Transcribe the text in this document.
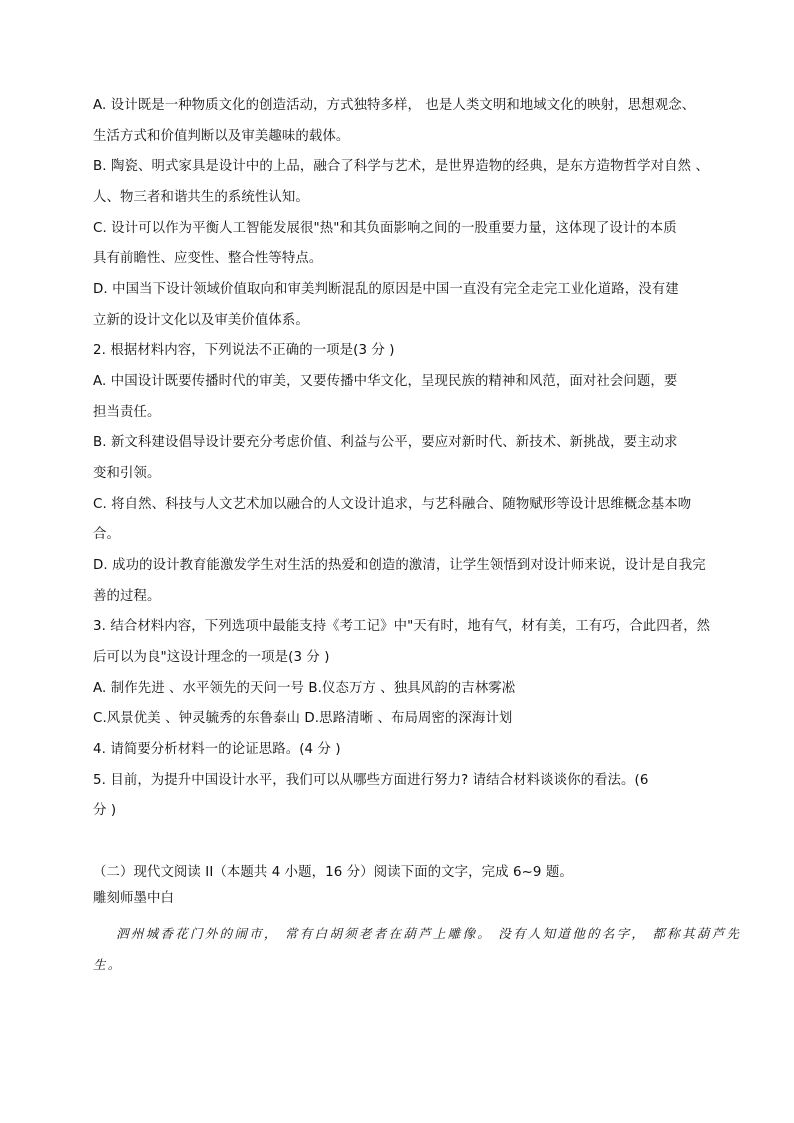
A. 设计既是一种物质文化的创造活动，方式独特多样， 也是人类文明和地域文化的映射，思想观念、
生活方式和价值判断以及审美趣味的载体。
B. 陶瓷、明式家具是设计中的上品，融合了科学与艺术，是世界造物的经典，是东方造物哲学对自然 、
人、物三者和谐共生的系统性认知。
C. 设计可以作为平衡人工智能发展很"热"和其负面影响之间的一股重要力量，这体现了设计的本质
具有前瞻性、应变性、整合性等特点。
D. 中国当下设计领域价值取向和审美判断混乱的原因是中国一直没有完全走完工业化道路，没有建
立新的设计文化以及审美价值体系。
2. 根据材料内容，下列说法不正确的一项是(3 分 )
A. 中国设计既要传播时代的审美，又要传播中华文化，呈现民族的精神和风范，面对社会问题，要
担当责任。
B. 新文科建设倡导设计要充分考虑价值、利益与公平，要应对新时代、新技术、新挑战，要主动求
变和引领。
C. 将自然、科技与人文艺术加以融合的人文设计追求，与艺科融合、随物赋形等设计思维概念基本吻
合。
D. 成功的设计教育能激发学生对生活的热爱和创造的激清，让学生领悟到对设计师来说，设计是自我完
善的过程。
3. 结合材料内容，下列选项中最能支持《考工记》中"天有时，地有气，材有美，工有巧，合此四者，然
后可以为良"这设计理念的一项是(3 分 )
A. 制作先进 、水平领先的天问一号 B.仪态万方 、独具风韵的吉林雾凇
C.风景优美 、钟灵毓秀的东鲁泰山 D.思路清晰 、布局周密的深海计划
4. 请简要分析材料一的论证思路。(4 分 )
5. 目前，为提升中国设计水平，我们可以从哪些方面进行努力? 请结合材料谈谈你的看法。(6
分 )
（二）现代文阅读 II（本题共 4 小题，16 分）阅读下面的文字，完成 6~9 题。
雕刻师墨中白
泗州城香花门外的闹市， 常有白胡须老者在葫芦上雕像。 没有人知道他的名字， 都称其葫芦先
生。
